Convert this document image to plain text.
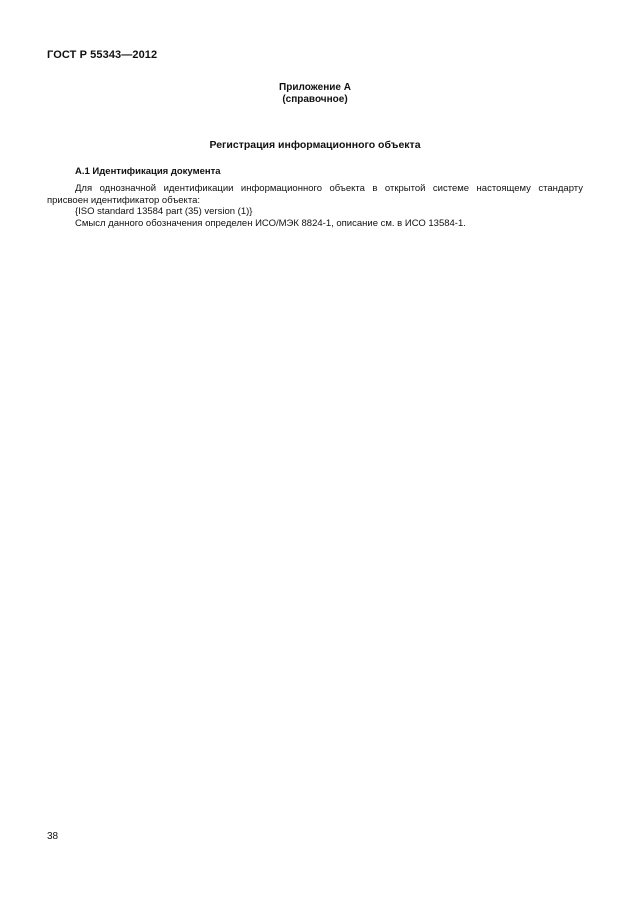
ГОСТ Р 55343—2012
Приложение А
(справочное)
Регистрация информационного объекта
А.1 Идентификация документа

Для однозначной идентификации информационного объекта в открытой системе настоящему стандарту присвоен идентификатор объекта:

{ISO standard 13584 part (35) version (1)}

Смысл данного обозначения определен ИСО/МЭК 8824-1, описание см. в ИСО 13584-1.

38
